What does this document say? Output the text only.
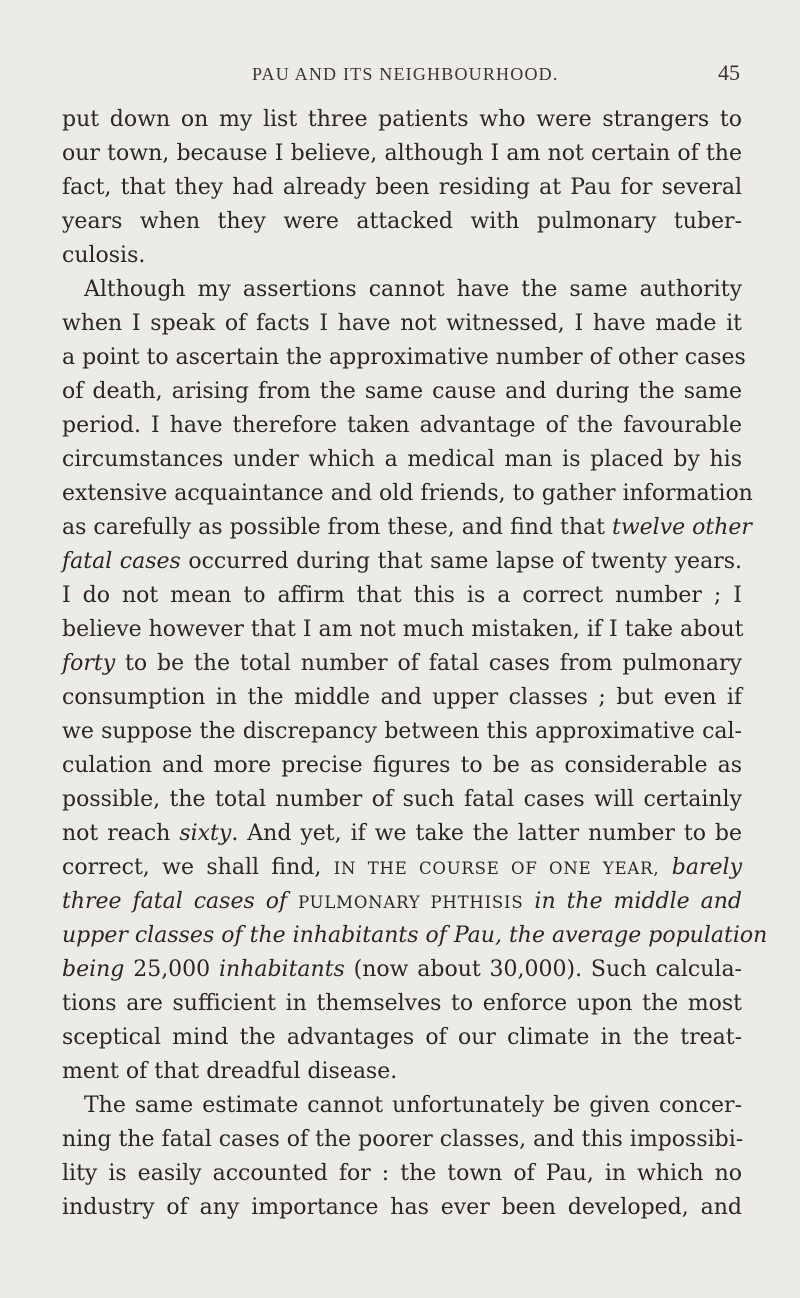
PAU AND ITS NEIGHBOURHOOD.	45
put down on my list three patients who were strangers to
our town, because I believe, although I am not certain of the
fact, that they had already been residing at Pau for several
years when they were attacked with pulmonary tuber-
culosis.
Although my assertions cannot have the same authority
when I speak of facts I have not witnessed, I have made it
a point to ascertain the approximative number of other cases
of death, arising from the same cause and during the same
period. I have therefore taken advantage of the favourable
circumstances under which a medical man is placed by his
extensive acquaintance and old friends, to gather information
as carefully as possible from these, and find that twelve other
fatal cases occurred during that same lapse of twenty years.
I do not mean to affirm that this is a correct number ; I
believe however that I am not much mistaken, if I take about
forty to be the total number of fatal cases from pulmonary
consumption in the middle and upper classes ; but even if
we suppose the discrepancy between this approximative cal-
culation and more precise figures to be as considerable as
possible, the total number of such fatal cases will certainly
not reach sixty. And yet, if we take the latter number to be
correct, we shall find, IN THE COURSE OF ONE YEAR, barely
three fatal cases of PULMONARY PHTHISIS in the middle and
upper classes of the inhabitants of Pau, the average population
being 25,000 inhabitants (now about 30,000). Such calcula-
tions are sufficient in themselves to enforce upon the most
sceptical mind the advantages of our climate in the treat-
ment of that dreadful disease.
The same estimate cannot unfortunately be given concer-
ning the fatal cases of the poorer classes, and this impossibi-
lity is easily accounted for : the town of Pau, in which no
industry of any importance has ever been developed, and
